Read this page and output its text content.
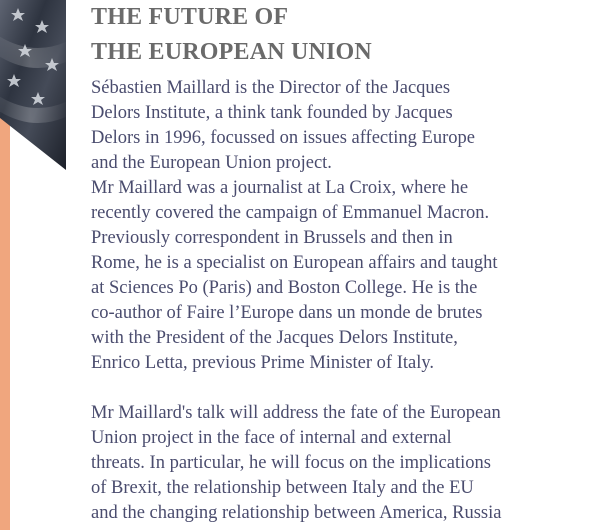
THE FUTURE OF
THE EUROPEAN UNION

Sébastien Maillard is the Director of the Jacques
Delors Institute, a think tank founded by Jacques
Delors in 1996, focussed on issues affecting Europe
and the European Union project.
Mr Maillard was a journalist at La Croix, where he
recently covered the campaign of Emmanuel Macron.
Previously correspondent in Brussels and then in
Rome, he is a specialist on European affairs and taught
at Sciences Po (Paris) and Boston College. He is the
co-author of Faire l’Europe dans un monde de brutes
with the President of the Jacques Delors Institute,
Enrico Letta, previous Prime Minister of Italy.

Mr Maillard's talk will address the fate of the European
Union project in the face of internal and external
threats. In particular, he will focus on the implications
of Brexit, the relationship between Italy and the EU
and the changing relationship between America, Russia
